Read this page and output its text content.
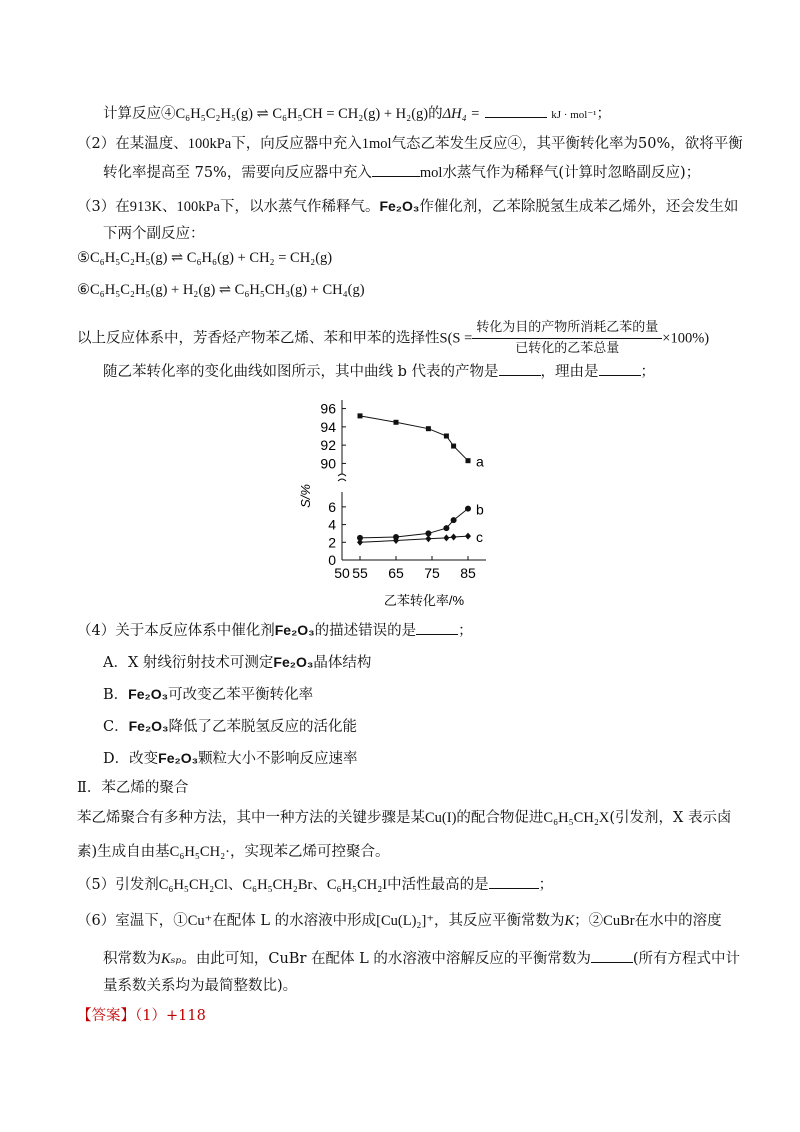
计算反应④C₆H₅C₂H₅(g) ⇌ C₆H₅CH = CH₂(g) + H₂(g)的ΔH₄ =	kJ · mol⁻¹；
（2）在某温度、100kPa下，向反应器中充入1mol气态乙苯发生反应④，其平衡转化率为50%，欲将平衡
转化率提高至 75%，需要向反应器中充入	mol水蒸气作为稀释气(计算时忽略副反应)；
（3）在913K、100kPa下，以水蒸气作稀释气。Fe₂O₃作催化剂，乙苯除脱氢生成苯乙烯外，还会发生如
下两个副反应：
⑤C₆H₅C₂H₅(g) ⇌ C₆H₆(g) + CH₂ = CH₂(g)
⑥C₆H₅C₂H₅(g) + H₂(g) ⇌ C₆H₅CH₃(g) + CH₄(g)
以上反应体系中，芳香烃产物苯乙烯、苯和甲苯的选择性$S(S = \frac{\text{转化为目的产物所消耗乙苯的量}}{\text{已转化的乙苯总量}} \times 100\%)$
随乙苯转化率的变化曲线如图所示，其中曲线 b 代表的产物是	，理由是	；
0
2
4
6
90
92
94
96
50 55 65 75 85
a
b
c
S/%
乙苯转化率/%
（4）关于本反应体系中催化剂Fe₂O₃的描述错误的是	；
A．X 射线衍射技术可测定Fe₂O₃晶体结构
B．Fe₂O₃可改变乙苯平衡转化率
C．Fe₂O₃降低了乙苯脱氢反应的活化能
D．改变Fe₂O₃颗粒大小不影响反应速率
Ⅱ．苯乙烯的聚合
苯乙烯聚合有多种方法，其中一种方法的关键步骤是某Cu(I)的配合物促进C₆H₅CH₂X(引发剂，X 表示卤
素)生成自由基C₆H₅CH₂·，实现苯乙烯可控聚合。
（5）引发剂C₆H₅CH₂Cl、C₆H₅CH₂Br、C₆H₅CH₂I中活性最高的是	；
（6）室温下，①Cu⁺在配体 L 的水溶液中形成[Cu(L)₂]⁺，其反应平衡常数为K；②CuBr在水中的溶度
积常数为Kₛₚ。由此可知，CuBr 在配体 L 的水溶液中溶解反应的平衡常数为	(所有方程式中计
量系数关系均为最简整数比)。
【答案】（1）+118
